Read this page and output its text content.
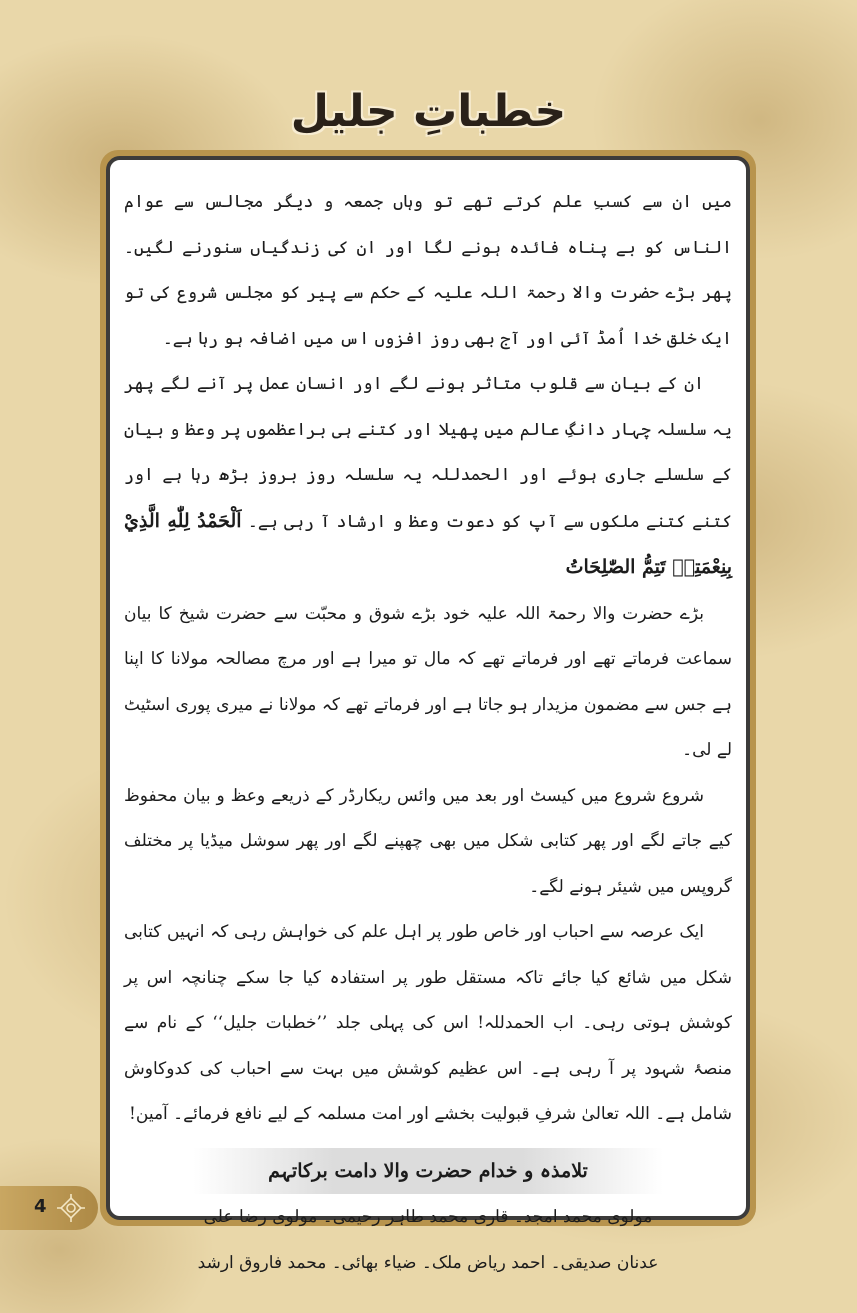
خطباتِ جلیل

میں ان سے کسبِ علم کرتے تھے تو وہاں جمعہ و دیگر مجالس سے عوام الناس کو بے پناہ فائدہ ہونے لگا اور ان کی زندگیاں سنورنے لگیں۔ پھر بڑے حضرت والا رحمۃ اللہ علیہ کے حکم سے پیر کو مجلس شروع کی تو ایک خلق خدا اُمڈ آئی اور آج بھی روز افزوں اس میں اضافہ ہو رہا ہے۔

ان کے بیان سے قلوب متاثر ہونے لگے اور انسان عمل پر آنے لگے پھر یہ سلسلہ چہار دانگِ عالم میں پھیلا اور کتنے ہی براعظموں پر وعظ و بیان کے سلسلے جاری ہوئے اور الحمدللہ یہ سلسلہ روز بروز بڑھ رہا ہے اور کتنے کتنے ملکوں سے آپ کو دعوت وعظ و ارشاد آ رہی ہے۔ اَلْحَمْدُ لِلّٰهِ الَّذِيْ بِنِعْمَتِهٖ تَتِمُّ الصّٰلِحَاتُ

بڑے حضرت والا رحمۃ اللہ علیہ خود بڑے شوق و محبّت سے حضرت شیخ کا بیان سماعت فرماتے تھے اور فرماتے تھے کہ مال تو میرا ہے اور مرچ مصالحہ مولانا کا اپنا ہے جس سے مضمون مزیدار ہو جاتا ہے اور فرماتے تھے کہ مولانا نے میری پوری اسٹیٹ لے لی۔

شروع شروع میں کیسٹ اور بعد میں وائس ریکارڈر کے ذریعے وعظ و بیان محفوظ کیے جاتے لگے اور پھر کتابی شکل میں بھی چھپنے لگے اور پھر سوشل میڈیا پر مختلف گروپس میں شیئر ہونے لگے۔

ایک عرصہ سے احباب اور خاص طور پر اہل علم کی خواہش رہی کہ انہیں کتابی شکل میں شائع کیا جائے تاکہ مستقل طور پر استفادہ کیا جا سکے چنانچہ اس پر کوشش ہوتی رہی۔ اب الحمدللہ! اس کی پہلی جلد ’’خطبات جلیل‘‘ کے نام سے منصۂ شہود پر آ رہی ہے۔ اس عظیم کوشش میں بہت سے احباب کی کدوکاوش شامل ہے۔ اللہ تعالیٰ شرفِ قبولیت بخشے اور امت مسلمہ کے لیے نافع فرمائے۔ آمین!

تلامذہ و خدام حضرت والا دامت برکاتہم
مولوی محمد امجد۔ قاری محمد طاہر رحیمی۔ مولوی رضا علی
عدنان صدیقی۔ احمد ریاض ملک۔ ضیاء بھائی۔ محمد فاروق ارشد
4
